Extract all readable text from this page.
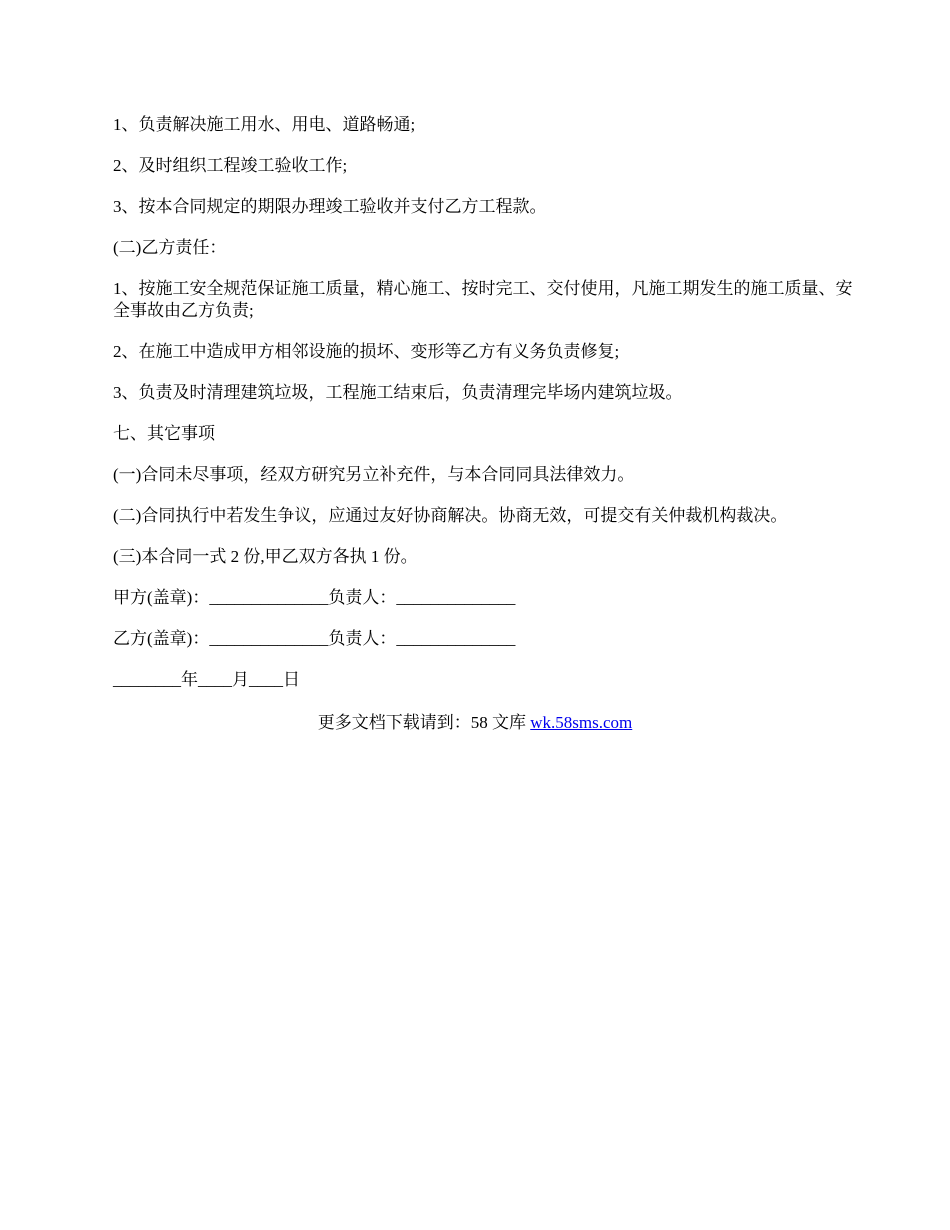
1、负责解决施工用水、用电、道路畅通;

2、及时组织工程竣工验收工作;

3、按本合同规定的期限办理竣工验收并支付乙方工程款。

(二)乙方责任：

1、按施工安全规范保证施工质量，精心施工、按时完工、交付使用，凡施工期发生的施工质量、安全事故由乙方负责;

2、在施工中造成甲方相邻设施的损坏、变形等乙方有义务负责修复;

3、负责及时清理建筑垃圾，工程施工结束后，负责清理完毕场内建筑垃圾。

七、其它事项

(一)合同未尽事项，经双方研究另立补充件，与本合同同具法律效力。

(二)合同执行中若发生争议，应通过友好协商解决。协商无效，可提交有关仲裁机构裁决。

(三)本合同一式 2 份,甲乙双方各执 1 份。

甲方(盖章)：______________负责人：______________

乙方(盖章)：______________负责人：______________

________年____月____日

更多文档下载请到：58 文库 wk.58sms.com
